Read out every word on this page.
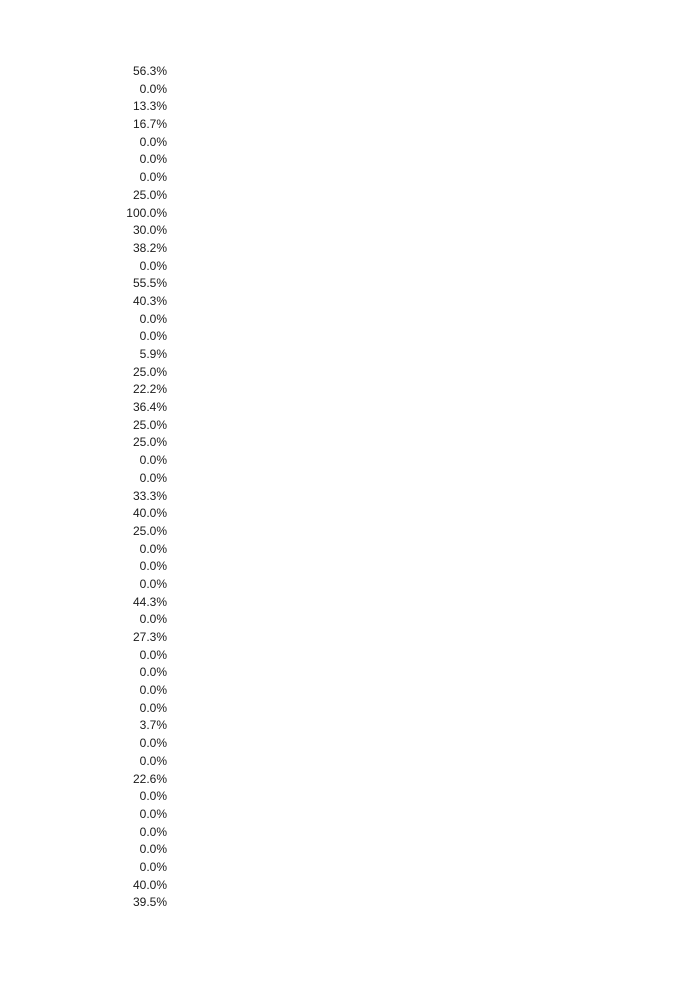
56.3%
0.0%
13.3%
16.7%
0.0%
0.0%
0.0%
25.0%
100.0%
30.0%
38.2%
0.0%
55.5%
40.3%
0.0%
0.0%
5.9%
25.0%
22.2%
36.4%
25.0%
25.0%
0.0%
0.0%
33.3%
40.0%
25.0%
0.0%
0.0%
0.0%
44.3%
0.0%
27.3%
0.0%
0.0%
0.0%
0.0%
3.7%
0.0%
0.0%
22.6%
0.0%
0.0%
0.0%
0.0%
0.0%
40.0%
39.5%
